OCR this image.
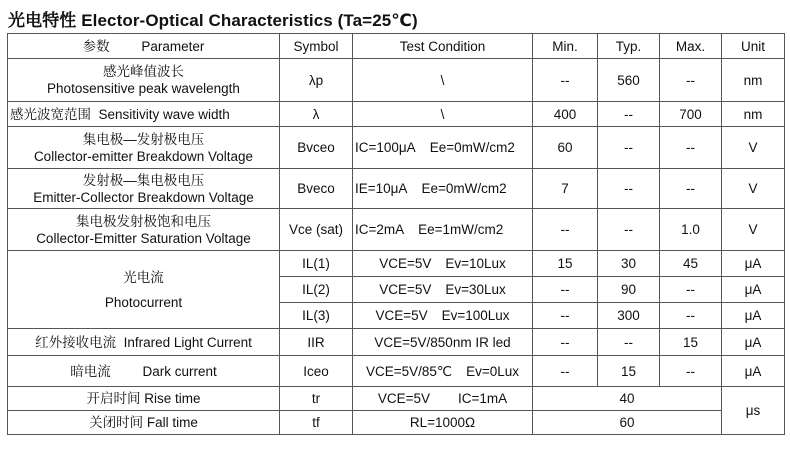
光电特性 Elector-Optical Characteristics (Ta=25℃)
参数 Parameter	Symbol	Test Condition	Min.	Typ.	Max.	Unit

感光峰值波长
Photosensitive peak wavelength	λp	\	--	560	--	nm
感光波宽范围  Sensitivity wave width	λ	\	400	--	700	nm

集电极—发射极电压
Collector-emitter Breakdown Voltage	Bvceo	IC=100μA Ee=0mW/cm2	60	--	--	V

发射极—集电极电压
Emitter-Collector Breakdown Voltage	Bveco	IE=10μA Ee=0mW/cm2	7	--	--	V

集电极发射极饱和电压
Collector-Emitter Saturation Voltage	Vce (sat)	IC=2mA Ee=1mW/cm2	--	--	1.0	V

光电流
Photocurrent	IL(1)	VCE=5V Ev=10Lux	15	30	45	μA
	IL(2)	VCE=5V Ev=30Lux	--	90	--	μA
	IL(3)	VCE=5V Ev=100Lux	--	300	--	μA
红外接收电流  Infrared Light Current	IIR	VCE=5V/850nm IR led	--	--	15	μA
暗电流 Dark current	Iceo	VCE=5V/85℃ Ev=0Lux	--	15	--	μA
开启时间 Rise time	tr	VCE=5V IC=1mA	40			μs
关闭时间 Fall time	tf	RL=1000Ω	60			
